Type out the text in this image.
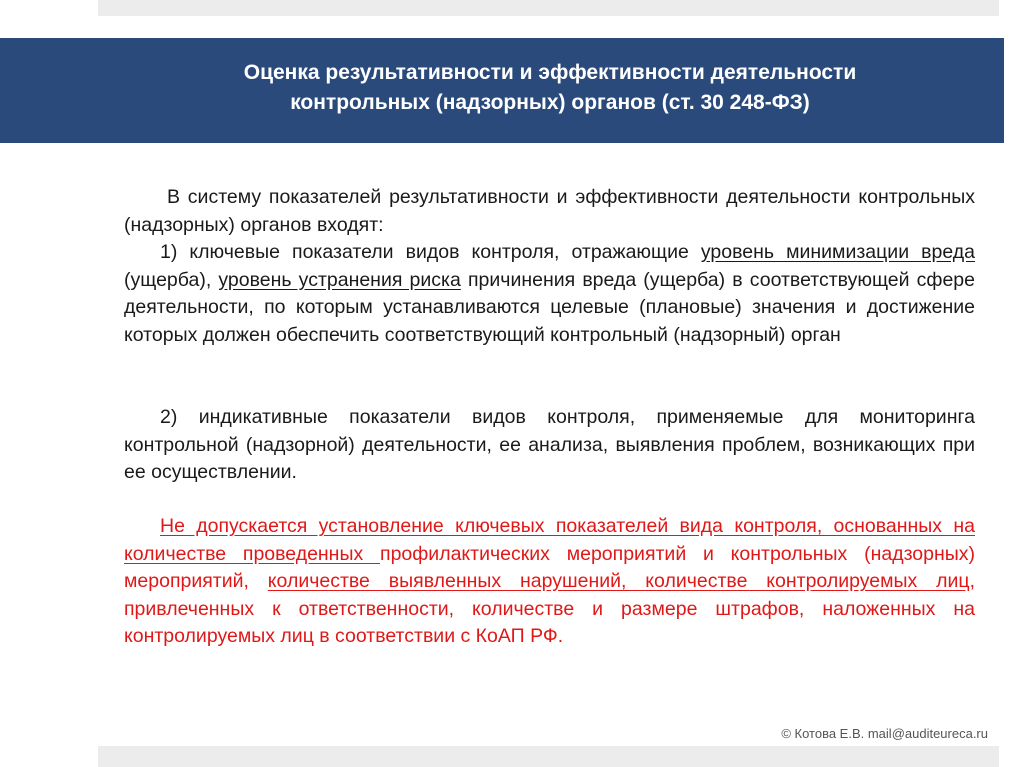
Оценка результативности и эффективности деятельности
контрольных (надзорных) органов (ст. 30 248-ФЗ)
В систему показателей результативности и эффективности деятельности контрольных (надзорных) органов входят:
1) ключевые показатели видов контроля, отражающие уровень минимизации вреда (ущерба), уровень устранения риска причинения вреда (ущерба) в соответствующей сфере деятельности, по которым устанавливаются целевые (плановые) значения и достижение которых должен обеспечить соответствующий контрольный (надзорный) орган
2) индикативные показатели видов контроля, применяемые для мониторинга контрольной (надзорной) деятельности, ее анализа, выявления проблем, возникающих при ее осуществлении.
Не допускается установление ключевых показателей вида контроля, основанных на количестве проведенных профилактических мероприятий и контрольных (надзорных) мероприятий, количестве выявленных нарушений, количестве контролируемых лиц, привлеченных к ответственности, количестве и размере штрафов, наложенных на контролируемых лиц в соответствии с КоАП РФ.
© Котова Е.В. mail@auditeureca.ru
